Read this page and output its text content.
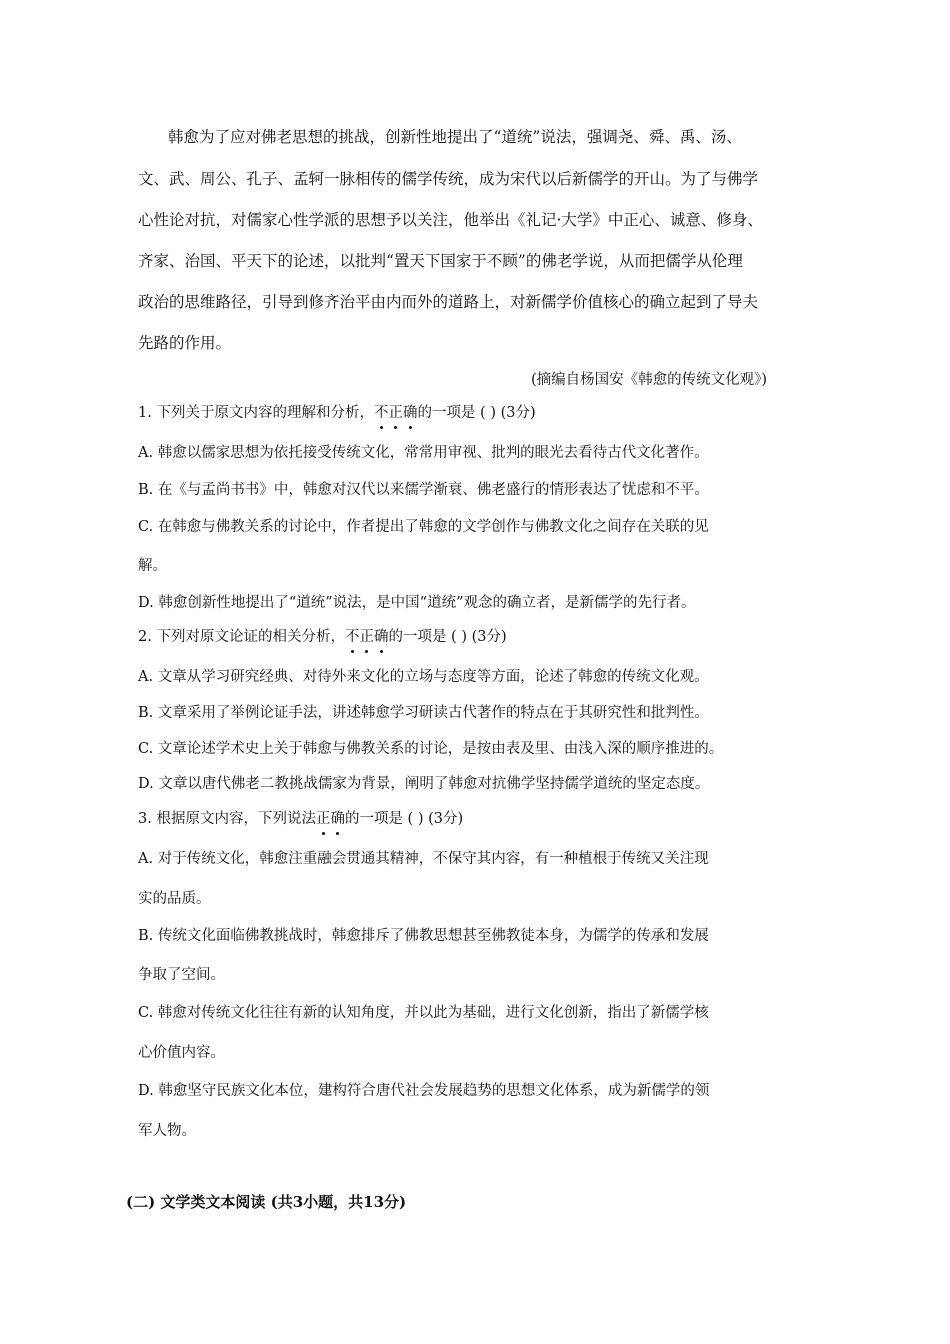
韩愈为了应对佛老思想的挑战，创新性地提出了“道统”说法，强调尧、舜、禹、汤、
文、武、周公、孔子、孟轲一脉相传的儒学传统，成为宋代以后新儒学的开山。为了与佛学
心性论对抗，对儒家心性学派的思想予以关注，他举出《礼记·大学》中正心、诚意、修身、
齐家、治国、平天下的论述，以批判“置天下国家于不顾”的佛老学说，从而把儒学从伦理
政治的思维路径，引导到修齐治平由内而外的道路上，对新儒学价值核心的确立起到了导夫
先路的作用。
(摘编自杨国安《韩愈的传统文化观》)
1. 下列关于原文内容的理解和分析，不正确的一项是 ( ) (3分)
A. 韩愈以儒家思想为依托接受传统文化，常常用审视、批判的眼光去看待古代文化著作。
B. 在《与孟尚书书》中，韩愈对汉代以来儒学渐衰、佛老盛行的情形表达了忧虑和不平。
C. 在韩愈与佛教关系的讨论中，作者提出了韩愈的文学创作与佛教文化之间存在关联的见
解。
D. 韩愈创新性地提出了“道统”说法，是中国“道统”观念的确立者，是新儒学的先行者。
2. 下列对原文论证的相关分析，不正确的一项是 ( ) (3分)
A. 文章从学习研究经典、对待外来文化的立场与态度等方面，论述了韩愈的传统文化观。
B. 文章采用了举例论证手法，讲述韩愈学习研读古代著作的特点在于其研究性和批判性。
C. 文章论述学术史上关于韩愈与佛教关系的讨论，是按由表及里、由浅入深的顺序推进的。
D. 文章以唐代佛老二教挑战儒家为背景，阐明了韩愈对抗佛学坚持儒学道统的坚定态度。
3. 根据原文内容，下列说法正确的一项是 ( ) (3分)
A. 对于传统文化，韩愈注重融会贯通其精神，不保守其内容，有一种植根于传统又关注现
实的品质。
B. 传统文化面临佛教挑战时，韩愈排斥了佛教思想甚至佛教徒本身，为儒学的传承和发展
争取了空间。
C. 韩愈对传统文化往往有新的认知角度，并以此为基础，进行文化创新，指出了新儒学核
心价值内容。
D. 韩愈坚守民族文化本位，建构符合唐代社会发展趋势的思想文化体系，成为新儒学的领
军人物。
(二) 文学类文本阅读 (共3小题，共13分)
